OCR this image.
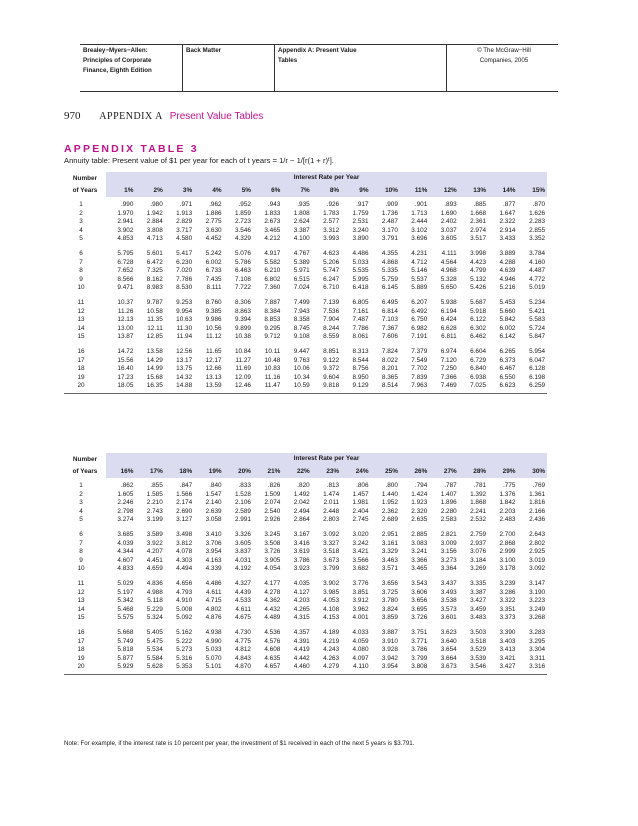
Brealey−Myers−Allen:
Principles of Corporate
Finance, Eighth Edition
Back Matter	Appendix A: Present Value
Tables
© The McGraw−Hill
Companies, 2005
970 APPENDIX A Present Value Tables
APPENDIX TABLE 3
Annuity table: Present value of $1 per year for each of t years = 1/r − 1/[r(1 + r)ᵗ].
Number
of Years	Interest Rate per Year														
	1%	2%	3%	4%	5%	6%	7%	8%	9%	10%	11%	12%	13%	14%	15%
1	.990	.980	.971	.962	.952	.943	.935	.926	.917	.909	.901	.893	.885	.877	.870
2	1.970	1.942	1.913	1.886	1.859	1.833	1.808	1.783	1.759	1.736	1.713	1.690	1.668	1.647	1.626
3	2.941	2.884	2.829	2.775	2.723	2.673	2.624	2.577	2.531	2.487	2.444	2.402	2.361	2.322	2.283
4	3.902	3.808	3.717	3.630	3.546	3.465	3.387	3.312	3.240	3.170	3.102	3.037	2.974	2.914	2.855
5	4.853	4.713	4.580	4.452	4.329	4.212	4.100	3.993	3.890	3.791	3.696	3.605	3.517	3.433	3.352

6	5.795	5.601	5.417	5.242	5.076	4.917	4.767	4.623	4.486	4.355	4.231	4.111	3.998	3.889	3.784
7	6.728	6.472	6.230	6.002	5.786	5.582	5.389	5.206	5.033	4.868	4.712	4.564	4.423	4.288	4.160
8	7.652	7.325	7.020	6.733	6.463	6.210	5.971	5.747	5.535	5.335	5.146	4.968	4.799	4.639	4.487
9	8.566	8.162	7.786	7.435	7.108	6.802	6.515	6.247	5.995	5.759	5.537	5.328	5.132	4.946	4.772
10	9.471	8.983	8.530	8.111	7.722	7.360	7.024	6.710	6.418	6.145	5.889	5.650	5.426	5.216	5.019

11	10.37	9.787	9.253	8.760	8.306	7.887	7.499	7.139	6.805	6.495	6.207	5.938	5.687	5.453	5.234
12	11.26	10.58	9.954	9.385	8.863	8.384	7.943	7.536	7.161	6.814	6.492	6.194	5.918	5.660	5.421
13	12.13	11.35	10.63	9.986	9.394	8.853	8.358	7.904	7.487	7.103	6.750	6.424	6.122	5.842	5.583
14	13.00	12.11	11.30	10.56	9.899	9.295	8.745	8.244	7.786	7.367	6.982	6.628	6.302	6.002	5.724
15	13.87	12.85	11.94	11.12	10.38	9.712	9.108	8.559	8.061	7.606	7.191	6.811	6.462	6.142	5.847

16	14.72	13.58	12.56	11.65	10.84	10.11	9.447	8.851	8.313	7.824	7.379	6.974	6.604	6.265	5.954
17	15.56	14.29	13.17	12.17	11.27	10.48	9.763	9.122	8.544	8.022	7.549	7.120	6.729	6.373	6.047
18	16.40	14.99	13.75	12.66	11.69	10.83	10.06	9.372	8.756	8.201	7.702	7.250	6.840	6.467	6.128
19	17.23	15.68	14.32	13.13	12.09	11.16	10.34	9.604	8.950	8.365	7.839	7.366	6.938	6.550	6.198
20	18.05	16.35	14.88	13.59	12.46	11.47	10.59	9.818	9.129	8.514	7.963	7.469	7.025	6.623	6.259
Number
of Years	Interest Rate per Year														
	16%	17%	18%	19%	20%	21%	22%	23%	24%	25%	26%	27%	28%	29%	30%
1	.862	.855	.847	.840	.833	.826	.820	.813	.806	.800	.794	.787	.781	.775	.769
2	1.605	1.585	1.566	1.547	1.528	1.509	1.492	1.474	1.457	1.440	1.424	1.407	1.392	1.376	1.361
3	2.246	2.210	2.174	2.140	2.106	2.074	2.042	2.011	1.981	1.952	1.923	1.896	1.868	1.842	1.816
4	2.798	2.743	2.690	2.639	2.589	2.540	2.494	2.448	2.404	2.362	2.320	2.280	2.241	2.203	2.166
5	3.274	3.199	3.127	3.058	2.991	2.926	2.864	2.803	2.745	2.689	2.635	2.583	2.532	2.483	2.436

6	3.685	3.589	3.498	3.410	3.326	3.245	3.167	3.092	3.020	2.951	2.885	2.821	2.759	2.700	2.643
7	4.039	3.922	3.812	3.706	3.605	3.508	3.416	3.327	3.242	3.161	3.083	3.009	2.937	2.868	2.802
8	4.344	4.207	4.078	3.954	3.837	3.726	3.619	3.518	3.421	3.329	3.241	3.156	3.076	2.999	2.925
9	4.607	4.451	4.303	4.163	4.031	3.905	3.786	3.673	3.566	3.463	3.366	3.273	3.184	3.100	3.019
10	4.833	4.659	4.494	4.339	4.192	4.054	3.923	3.799	3.682	3.571	3.465	3.364	3.269	3.178	3.092

11	5.029	4.836	4.656	4.486	4.327	4.177	4.035	3.902	3.776	3.656	3.543	3.437	3.335	3.239	3.147
12	5.197	4.988	4.793	4.611	4.439	4.278	4.127	3.985	3.851	3.725	3.606	3.493	3.387	3.286	3.190
13	5.342	5.118	4.910	4.715	4.533	4.362	4.203	4.053	3.912	3.780	3.656	3.538	3.427	3.322	3.223
14	5.468	5.229	5.008	4.802	4.611	4.432	4.265	4.108	3.962	3.824	3.695	3.573	3.459	3.351	3.249
15	5.575	5.324	5.092	4.876	4.675	4.489	4.315	4.153	4.001	3.859	3.726	3.601	3.483	3.373	3.268

16	5.668	5.405	5.162	4.938	4.730	4.536	4.357	4.189	4.033	3.887	3.751	3.623	3.503	3.390	3.283
17	5.749	5.475	5.222	4.990	4.775	4.576	4.391	4.219	4.059	3.910	3.771	3.640	3.518	3.403	3.295
18	5.818	5.534	5.273	5.033	4.812	4.608	4.419	4.243	4.080	3.928	3.786	3.654	3.529	3.413	3.304
19	5.877	5.584	5.316	5.070	4.843	4.635	4.442	4.263	4.097	3.942	3.799	3.664	3.539	3.421	3.311
20	5.929	5.628	5.353	5.101	4.870	4.657	4.460	4.279	4.110	3.954	3.808	3.673	3.546	3.427	3.316
Note: For example, if the interest rate is 10 percent per year, the investment of $1 received in each of the next 5 years is $3.791.
